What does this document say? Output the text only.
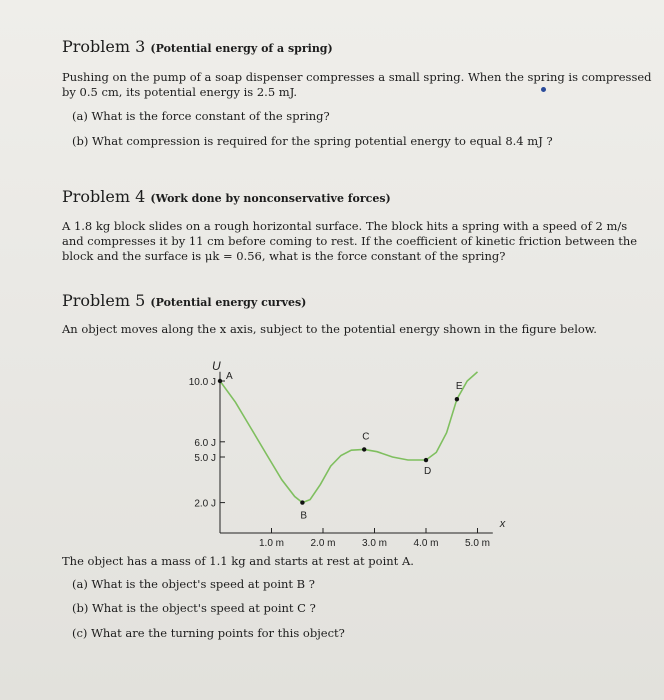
Problem 3 (Potential energy of a spring)
Pushing on the pump of a soap dispenser compresses a small spring. When the spring is compressed
by 0.5 cm, its potential energy is 2.5 mJ.
(a) What is the force constant of the spring?
(b) What compression is required for the spring potential energy to equal 8.4 mJ ?
Problem 4 (Work done by nonconservative forces)
A 1.8 kg block slides on a rough horizontal surface. The block hits a spring with a speed of 2 m/s
and compresses it by 11 cm before coming to rest. If the coefficient of kinetic friction between the
block and the surface is μk = 0.56, what is the force constant of the spring?
Problem 5 (Potential energy curves)
An object moves along the x axis, subject to the potential energy shown in the figure below.
U
x
10.0 J
6.0 J
5.0 J
2.0 J
1.0 m	2.0 m	3.0 m	4.0 m	5.0 m
A
B
C
D
E
The object has a mass of 1.1 kg and starts at rest at point A.
(a) What is the object's speed at point B ?
(b) What is the object's speed at point C ?
(c) What are the turning points for this object?
